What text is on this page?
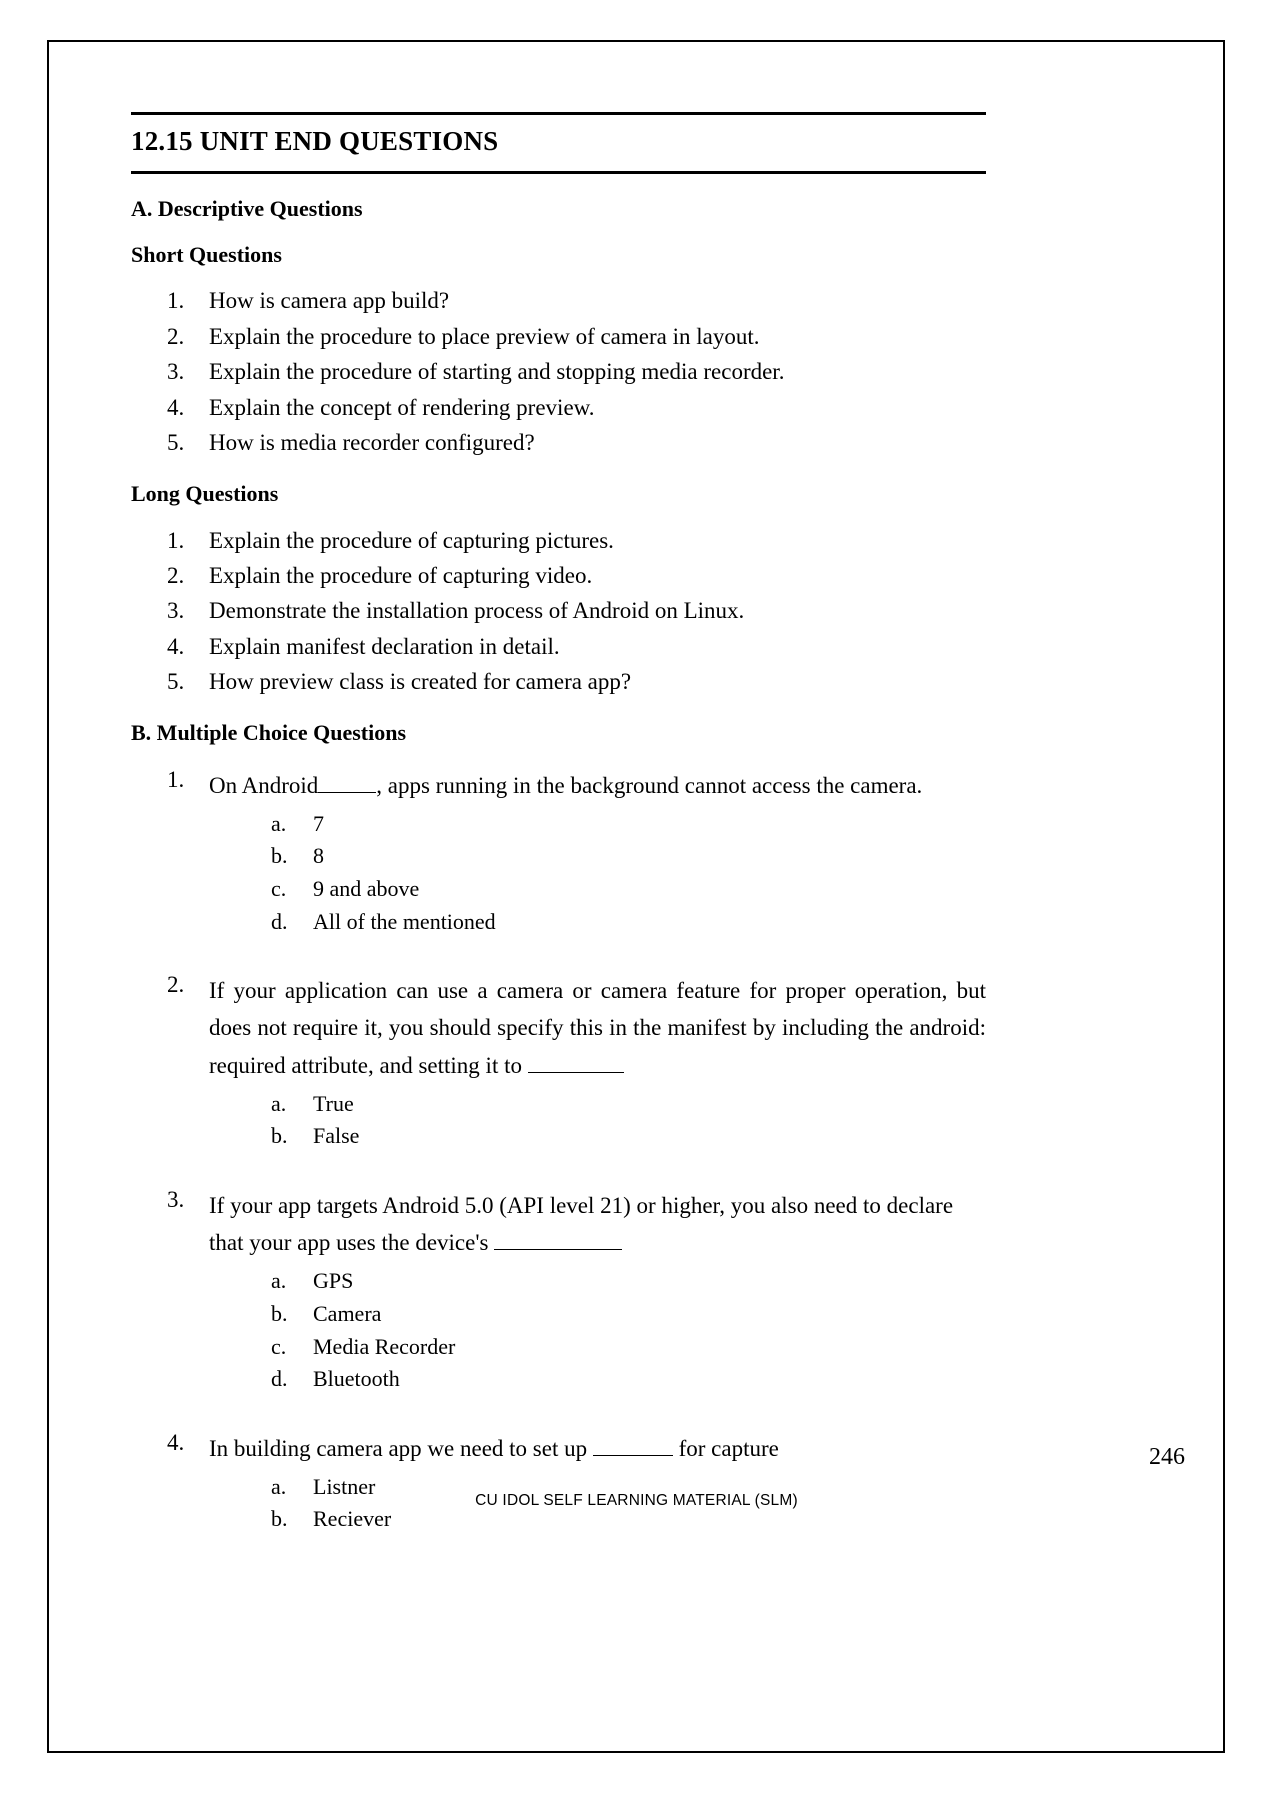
12.15 UNIT END QUESTIONS
A. Descriptive Questions
Short Questions
1.	How is camera app build?
2.	Explain the procedure to place preview of camera in layout.
3.	Explain the procedure of starting and stopping media recorder.
4.	Explain the concept of rendering preview.
5.	How is media recorder configured?
Long Questions
1.	Explain the procedure of capturing pictures.
2.	Explain the procedure of capturing video.
3.	Demonstrate the installation process of Android on Linux.
4.	Explain manifest declaration in detail.
5.	How preview class is created for camera app?
B. Multiple Choice Questions
1. On Android	, apps running in the background cannot access the camera.
a. 7
b. 8
c. 9 and above
d. All of the mentioned
2. If your application can use a camera or camera feature for proper operation, but does not require it, you should specify this in the manifest by including the android: required attribute, and setting it to
a. True
b. False
3. If your app targets Android 5.0 (API level 21) or higher, you also need to declare that your app uses the device's
a. GPS
b. Camera
c. Media Recorder
d. Bluetooth
4. In building camera app we need to set up	for capture
a. Listner
b. Reciever
246
CU IDOL SELF LEARNING MATERIAL (SLM)
